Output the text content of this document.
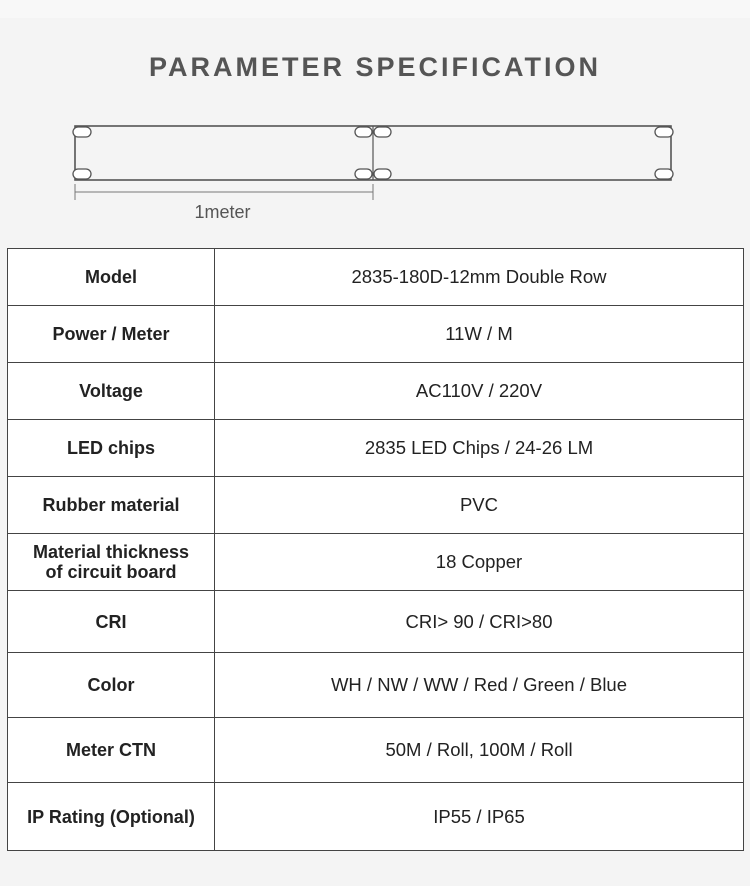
PARAMETER SPECIFICATION
1meter
Model	2835-180D-12mm Double Row
Power / Meter	11W / M
Voltage	AC110V / 220V
LED chips	2835 LED Chips / 24-26 LM
Rubber material	PVC

Material thickness
of circuit board	18 Copper
CRI	CRI> 90 / CRI>80
Color	WH / NW / WW / Red / Green / Blue
Meter CTN	50M / Roll, 100M / Roll
IP Rating (Optional)	IP55 / IP65
